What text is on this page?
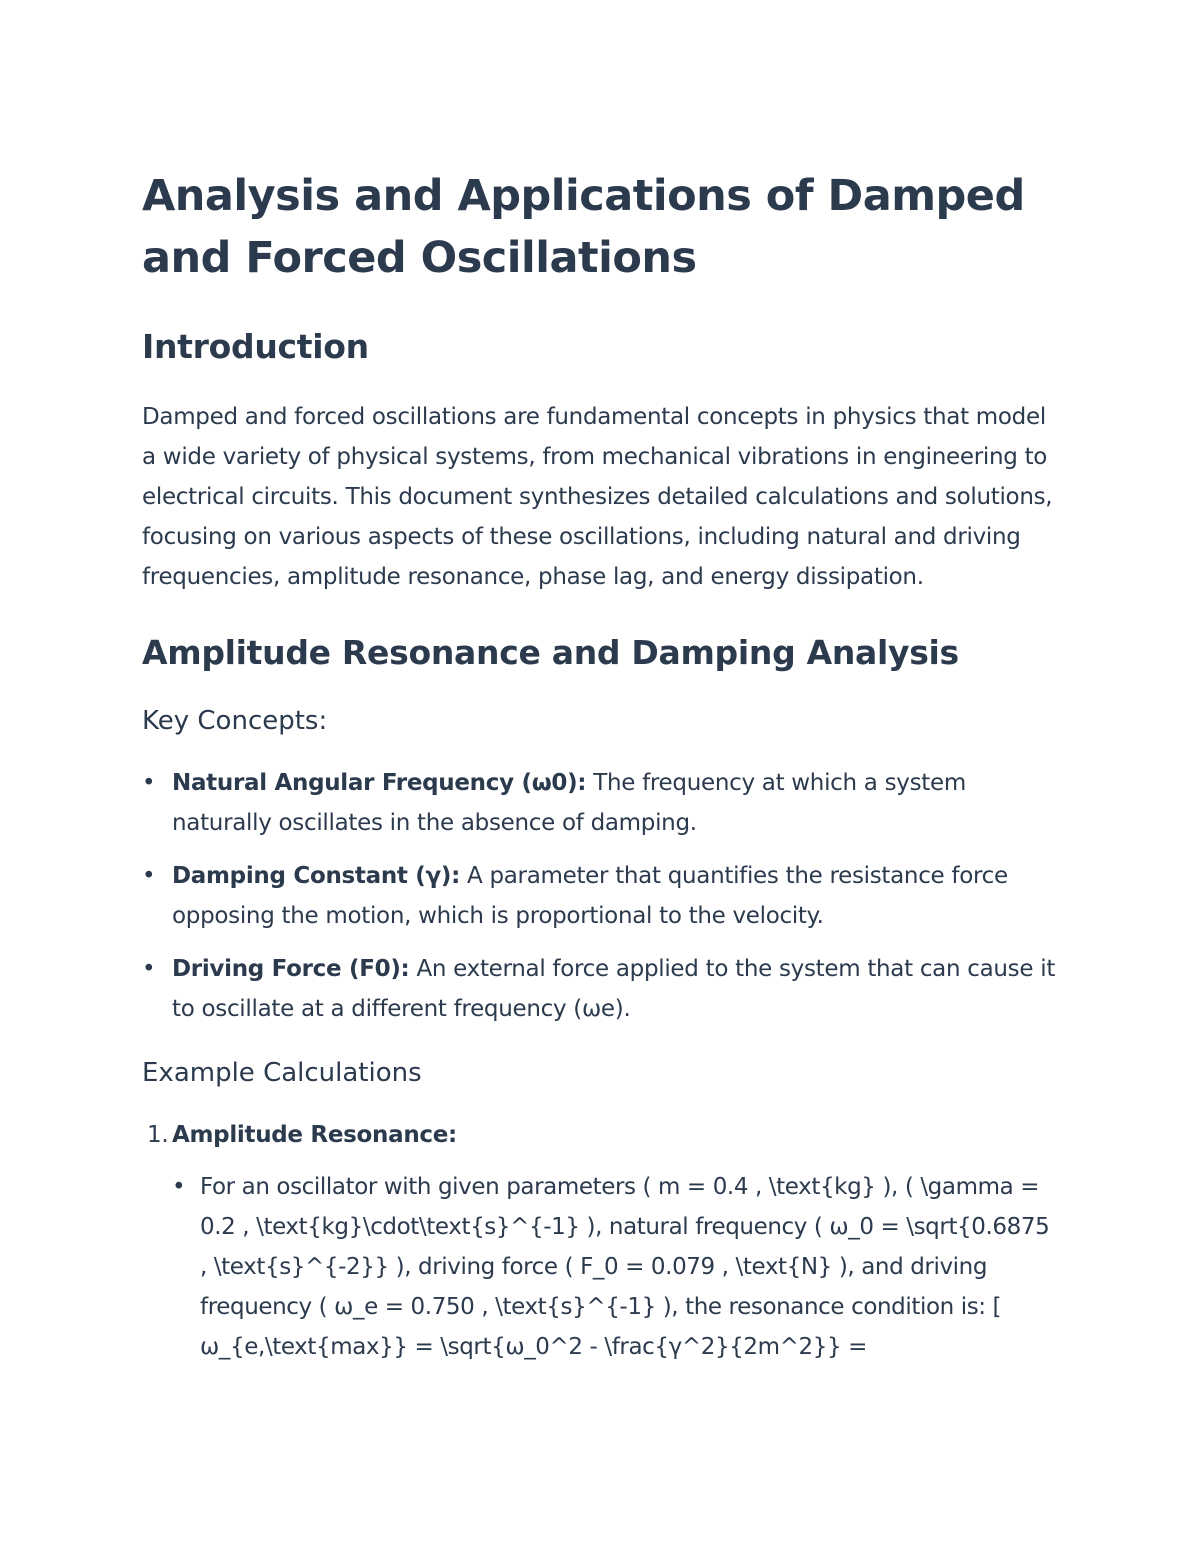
Analysis and Applications of Damped and Forced Oscillations
Introduction

Damped and forced oscillations are fundamental concepts in physics that model a wide variety of physical systems, from mechanical vibrations in engineering to electrical circuits. This document synthesizes detailed calculations and solutions, focusing on various aspects of these oscillations, including natural and driving frequencies, amplitude resonance, phase lag, and energy dissipation.

Amplitude Resonance and Damping Analysis
Key Concepts:
• Natural Angular Frequency (ω0): The frequency at which a system naturally oscillates in the absence of damping.
• Damping Constant (γ): A parameter that quantifies the resistance force opposing the motion, which is proportional to the velocity.
• Driving Force (F0): An external force applied to the system that can cause it to oscillate at a different frequency (ωe).
Example Calculations
1. Amplitude Resonance:
• For an oscillator with given parameters ( m = 0.4 , \text{kg} ), ( \gamma = 0.2 , \text{kg}\cdot\text{s}^{-1} ), natural frequency ( ω_0 = \sqrt{0.6875 , \text{s}^{-2}} ), driving force ( F_0 = 0.079 , \text{N} ), and driving frequency ( ω_e = 0.750 , \text{s}^{-1} ), the resonance condition is: [ ω_{e,\text{max}} = \sqrt{ω_0^2 - \frac{γ^2}{2m^2}} =
